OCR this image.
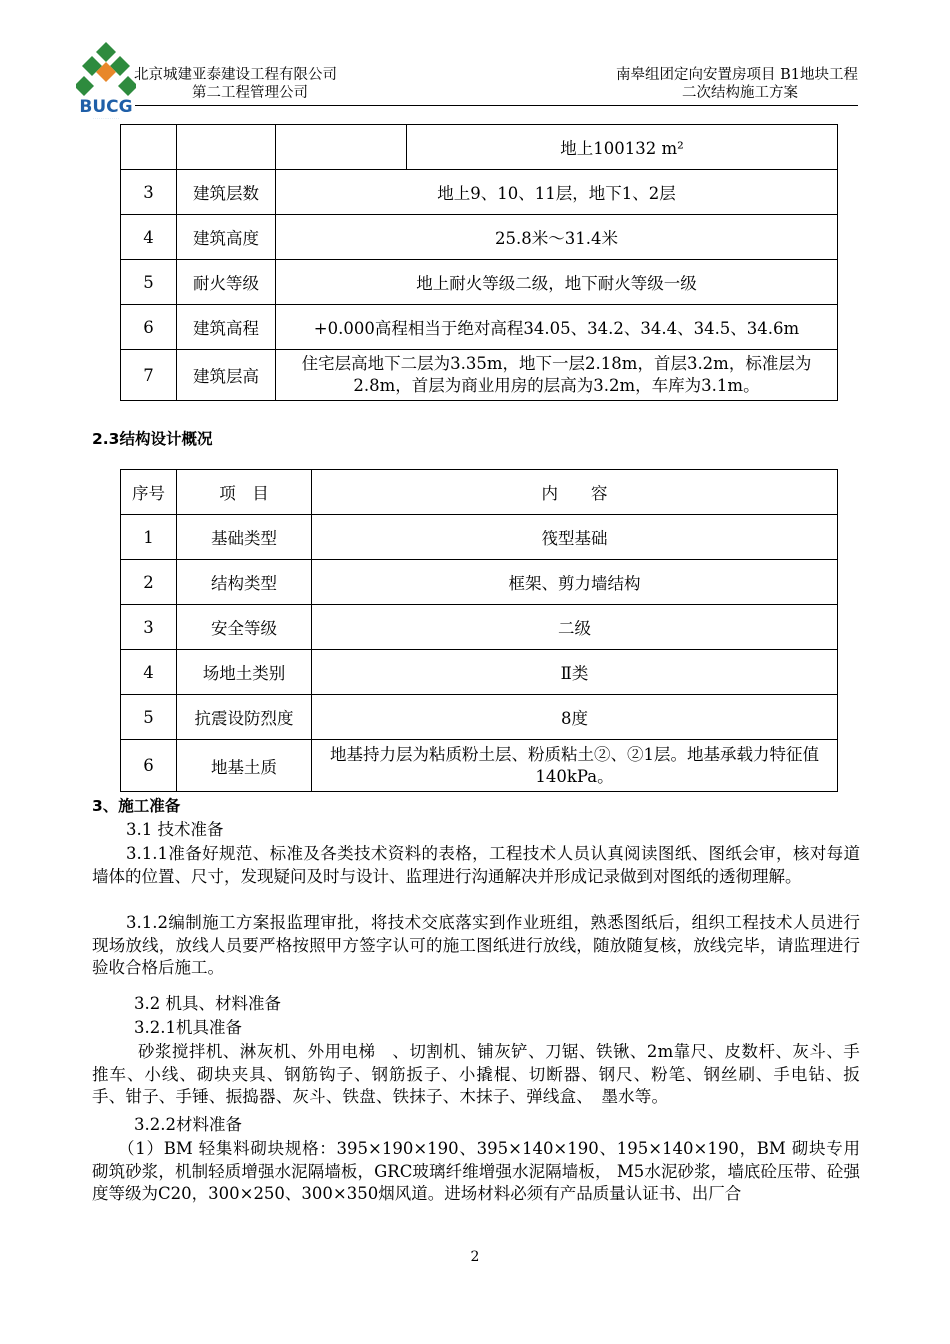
BUCG
. . . . . . . . . . . . . .
北京城建亚泰建设工程有限公司
第二工程管理公司
南皋组团定向安置房项目 B1地块工程
二次结构施工方案
			地上100132 m²
3	建筑层数	地上9、10、11层，地下1、2层	
4	建筑高度	25.8米～31.4米	
5	耐火等级	地上耐火等级二级，地下耐火等级一级	
6	建筑高程	+0.000高程相当于绝对高程34.05、34.2、34.4、34.5、34.6m	
7	建筑层高	住宅层高地下二层为3.35m，地下一层2.18m，首层3.2m，标准层为2.8m，首层为商业用房的层高为3.2m，车库为3.1m。	
2.3结构设计概况
序号	项　目	内　　容
1	基础类型	筏型基础
2	结构类型	框架、剪力墙结构
3	安全等级	二级
4	场地土类别	Ⅱ类
5	抗震设防烈度	8度
6	地基土质	地基持力层为粘质粉土层、粉质粘土②、②1层。地基承载力特征值140kPa。
3、施工准备
3.1 技术准备
3.1.1准备好规范、标准及各类技术资料的表格，工程技术人员认真阅读图纸、图纸会审，核对每道墙体的位置、尺寸，发现疑问及时与设计、监理进行沟通解决并形成记录做到对图纸的透彻理解。
3.1.2编制施工方案报监理审批，将技术交底落实到作业班组，熟悉图纸后，组织工程技术人员进行现场放线，放线人员要严格按照甲方签字认可的施工图纸进行放线，随放随复核，放线完毕，请监理进行验收合格后施工。
3.2 机具、材料准备
3.2.1机具准备
砂浆搅拌机、淋灰机、外用电梯　、切割机、铺灰铲、刀锯、铁锹、2m靠尺、皮数杆、灰斗、手推车、小线、砌块夹具、钢筋钩子、钢筋扳子、小撬棍、切断器、钢尺、粉笔、钢丝刷、手电钻、扳手、钳子、手锤、振捣器、灰斗、铁盘、铁抹子、木抹子、弹线盒、　墨水等。
3.2.2材料准备
（1）BM 轻集料砌块规格：395×190×190、395×140×190、195×140×190，BM 砌块专用砌筑砂浆，机制轻质增强水泥隔墙板，GRC玻璃纤维增强水泥隔墙板， M5水泥砂浆，墙底砼压带、砼强度等级为C20，300×250、300×350烟风道。进场材料必须有产品质量认证书、出厂合
2
